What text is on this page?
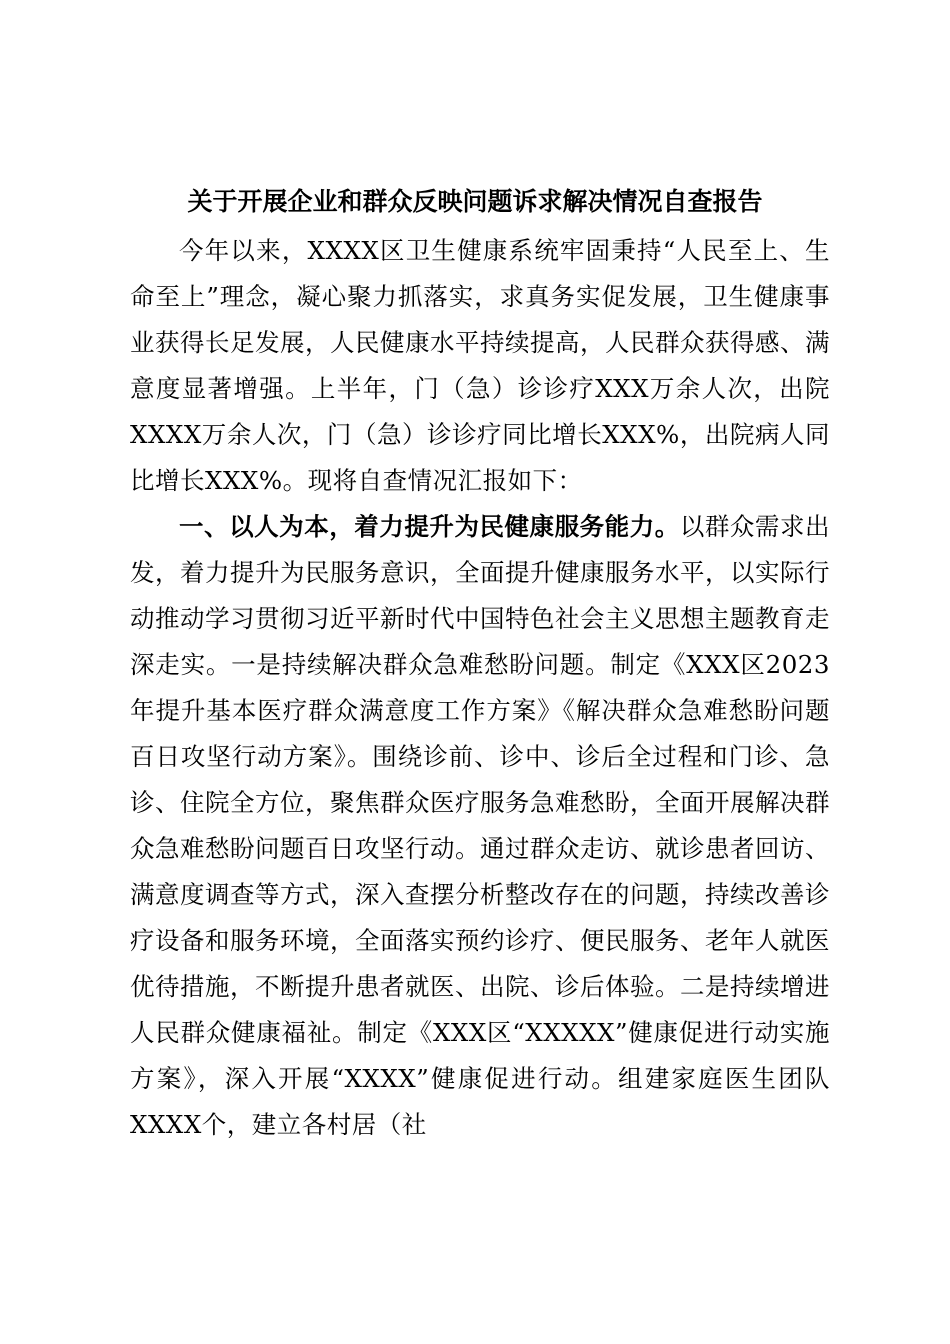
关于开展企业和群众反映问题诉求解决情况自查报告

今年以来，XXXX区卫生健康系统牢固秉持“人民至上、生命至上”理念，凝心聚力抓落实，求真务实促发展，卫生健康事业获得长足发展，人民健康水平持续提高，人民群众获得感、满意度显著增强。上半年，门（急）诊诊疗XXX万余人次，出院XXXX万余人次，门（急）诊诊疗同比增长XXX%，出院病人同比增长XXX%。现将自查情况汇报如下：

一、以人为本，着力提升为民健康服务能力。以群众需求出发，着力提升为民服务意识，全面提升健康服务水平，以实际行动推动学习贯彻习近平新时代中国特色社会主义思想主题教育走深走实。一是持续解决群众急难愁盼问题。制定《XXX区2023年提升基本医疗群众满意度工作方案》《解决群众急难愁盼问题百日攻坚行动方案》。围绕诊前、诊中、诊后全过程和门诊、急诊、住院全方位，聚焦群众医疗服务急难愁盼，全面开展解决群众急难愁盼问题百日攻坚行动。通过群众走访、就诊患者回访、满意度调查等方式，深入查摆分析整改存在的问题，持续改善诊疗设备和服务环境，全面落实预约诊疗、便民服务、老年人就医优待措施，不断提升患者就医、出院、诊后体验。二是持续增进人民群众健康福祉。制定《XXX区“XXXXX”健康促进行动实施方案》，深入开展“XXXX”健康促进行动。组建家庭医生团队XXXX个，建立各村居（社
